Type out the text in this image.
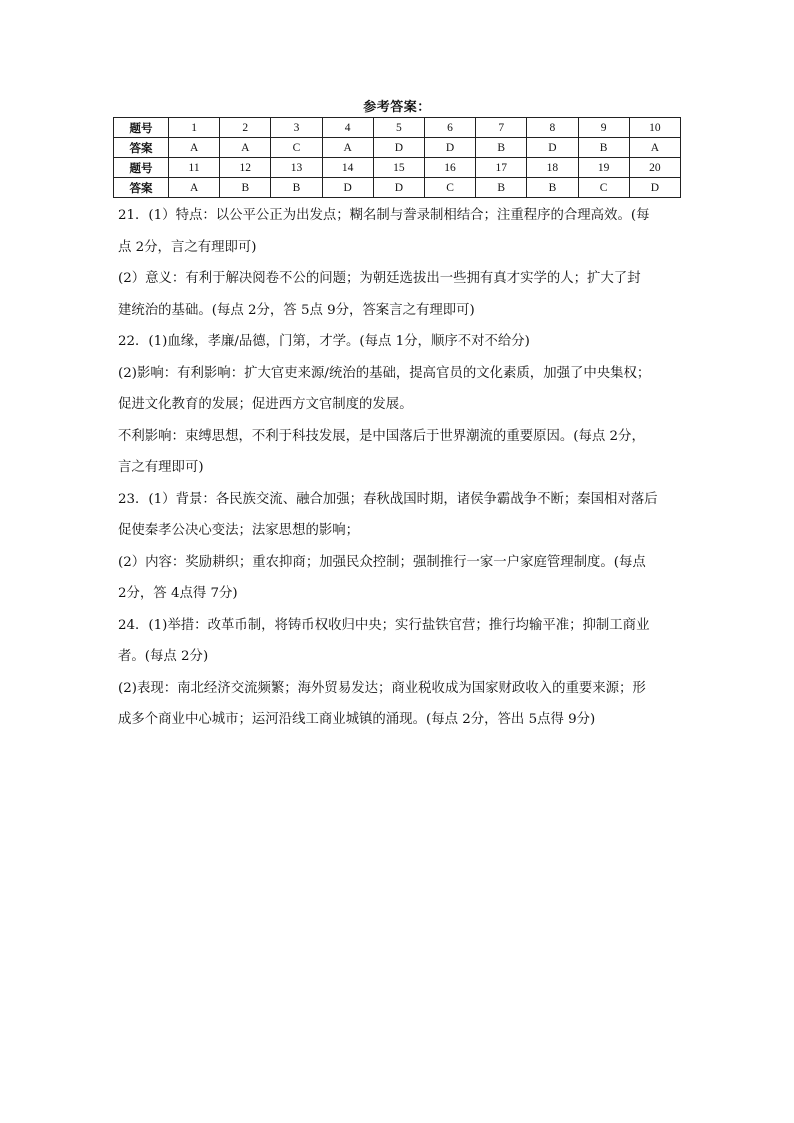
参考答案：
题号	1	2	3	4	5	6	7	8	9	10
答案	A	A	C	A	D	D	B	D	B	A
题号	11	12	13	14	15	16	17	18	19	20
答案	A	B	B	D	D	C	B	B	C	D

21．(1）特点：以公平公正为出发点；糊名制与誊录制相结合；注重程序的合理高效。(每

点 2分，言之有理即可)

(2）意义：有利于解决阅卷不公的问题；为朝廷选拔出一些拥有真才实学的人；扩大了封

建统治的基础。(每点 2分，答 5点 9分，答案言之有理即可)

22．(1)血缘，孝廉/品德，门第，才学。(每点 1分，顺序不对不给分)

(2)影响：有利影响：扩大官吏来源/统治的基础，提高官员的文化素质，加强了中央集权；

促进文化教育的发展；促进西方文官制度的发展。

不利影响：束缚思想，不利于科技发展，是中国落后于世界潮流的重要原因。(每点 2分，

言之有理即可)

23．(1）背景：各民族交流、融合加强；春秋战国时期，诸侯争霸战争不断；秦国相对落后

促使秦孝公决心变法；法家思想的影响；

(2）内容：奖励耕织；重农抑商；加强民众控制；强制推行一家一户家庭管理制度。(每点

2分，答 4点得 7分)

24．(1)举措：改革币制，将铸币权收归中央；实行盐铁官营；推行均输平准；抑制工商业

者。(每点 2分)

(2)表现：南北经济交流频繁；海外贸易发达；商业税收成为国家财政收入的重要来源；形

成多个商业中心城市；运河沿线工商业城镇的涌现。(每点 2分，答出 5点得 9分)
